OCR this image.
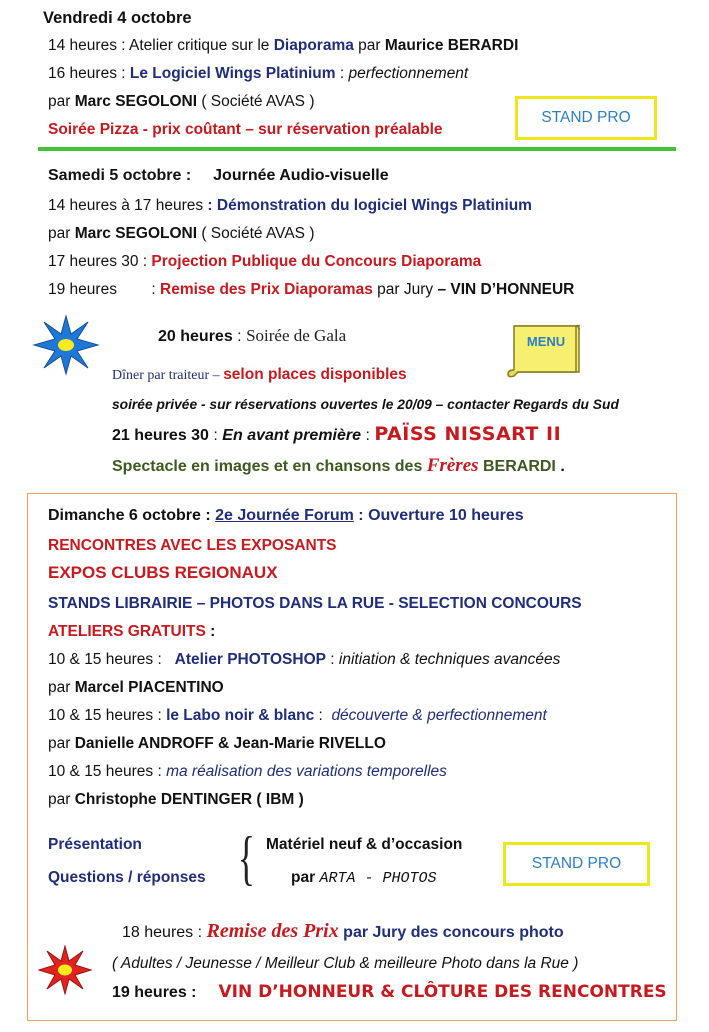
Vendredi 4 octobre
14 heures : Atelier critique sur le Diaporama par Maurice BERARDI
16 heures : Le Logiciel Wings Platinium : perfectionnement
par Marc SEGOLONI ( Société AVAS )
Soirée Pizza - prix coûtant – sur réservation préalable
STAND PRO
Samedi 5 octobre : Journée Audio-visuelle
14 heures à 17 heures : Démonstration du logiciel Wings Platinium
par Marc SEGOLONI ( Société AVAS )
17 heures 30 : Projection Publique du Concours Diaporama
19 heures        : Remise des Prix Diaporamas par Jury – VIN D’HONNEUR
20 heures : Soirée de Gala	MENU
Dîner par traiteur – selon places disponibles
soirée privée - sur réservations ouvertes le 20/09 – contacter Regards du Sud
21 heures 30 : En avant première : PAÏSS NISSART II
Spectacle en images et en chansons des Frères BERARDI .
Dimanche 6 octobre : 2e Journée Forum : Ouverture 10 heures
RENCONTRES AVEC LES EXPOSANTS
EXPOS CLUBS REGIONAUX
STANDS LIBRAIRIE – PHOTOS DANS LA RUE - SELECTION CONCOURS
ATELIERS GRATUITS :
10 & 15 heures :   Atelier PHOTOSHOP : initiation & techniques avancées
par Marcel PIACENTINO
10 & 15 heures : le Labo noir & blanc :  découverte & perfectionnement
par Danielle ANDROFF & Jean-Marie RIVELLO
10 & 15 heures : ma réalisation des variations temporelles
par Christophe DENTINGER ( IBM )
Présentation
Questions / réponses { Matériel neuf & d’occasion
par ARTA - PHOTOS
STAND PRO
18 heures : Remise des Prix par Jury des concours photo
( Adultes / Jeunesse / Meilleur Club & meilleure Photo dans la Rue )
19 heures : VIN D’HONNEUR & CLÔTURE DES RENCONTRES
